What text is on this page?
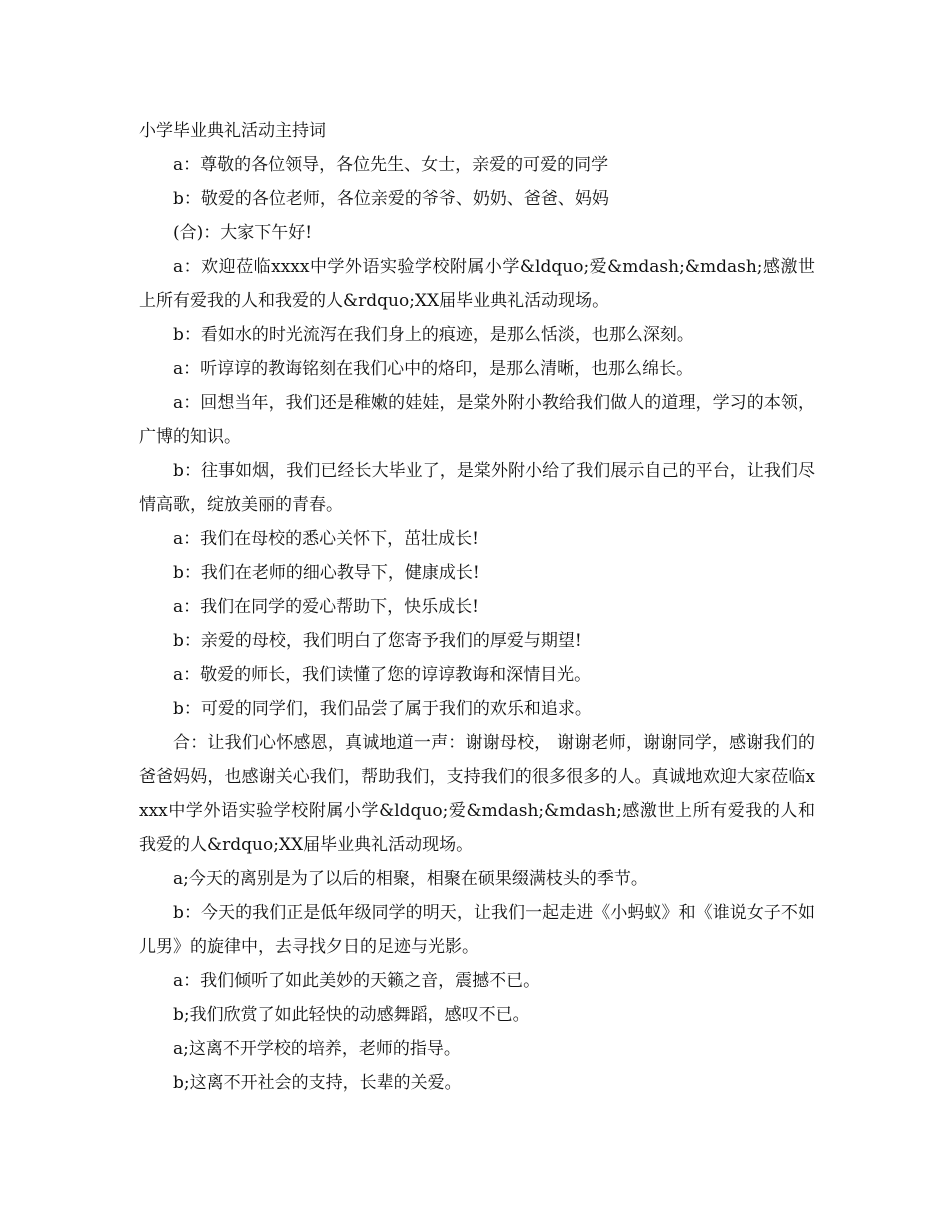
小学毕业典礼活动主持词

a：尊敬的各位领导，各位先生、女士，亲爱的可爱的同学

b：敬爱的各位老师，各位亲爱的爷爷、奶奶、爸爸、妈妈

(合)：大家下午好!

a：欢迎莅临xxxx中学外语实验学校附属小学&ldquo;爱&mdash;&mdash;感激世上所有爱我的人和我爱的人&rdquo;XX届毕业典礼活动现场。

b：看如水的时光流泻在我们身上的痕迹，是那么恬淡，也那么深刻。

a：听谆谆的教诲铭刻在我们心中的烙印，是那么清晰，也那么绵长。

a：回想当年，我们还是稚嫩的娃娃，是棠外附小教给我们做人的道理，学习的本领，广博的知识。

b：往事如烟，我们已经长大毕业了，是棠外附小给了我们展示自己的平台，让我们尽情高歌，绽放美丽的青春。

a：我们在母校的悉心关怀下，茁壮成长!

b：我们在老师的细心教导下，健康成长!

a：我们在同学的爱心帮助下，快乐成长!

b：亲爱的母校，我们明白了您寄予我们的厚爱与期望!

a：敬爱的师长，我们读懂了您的谆谆教诲和深情目光。

b：可爱的同学们，我们品尝了属于我们的欢乐和追求。

合：让我们心怀感恩，真诚地道一声：谢谢母校， 谢谢老师，谢谢同学，感谢我们的爸爸妈妈，也感谢关心我们，帮助我们，支持我们的很多很多的人。真诚地欢迎大家莅临xxxx中学外语实验学校附属小学&ldquo;爱&mdash;&mdash;感激世上所有爱我的人和我爱的人&rdquo;XX届毕业典礼活动现场。

a;今天的离别是为了以后的相聚，相聚在硕果缀满枝头的季节。

b：今天的我们正是低年级同学的明天，让我们一起走进《小蚂蚁》和《谁说女子不如儿男》的旋律中，去寻找夕日的足迹与光影。

a：我们倾听了如此美妙的天籁之音，震撼不已。

b;我们欣赏了如此轻快的动感舞蹈，感叹不已。

a;这离不开学校的培养，老师的指导。

b;这离不开社会的支持，长辈的关爱。
